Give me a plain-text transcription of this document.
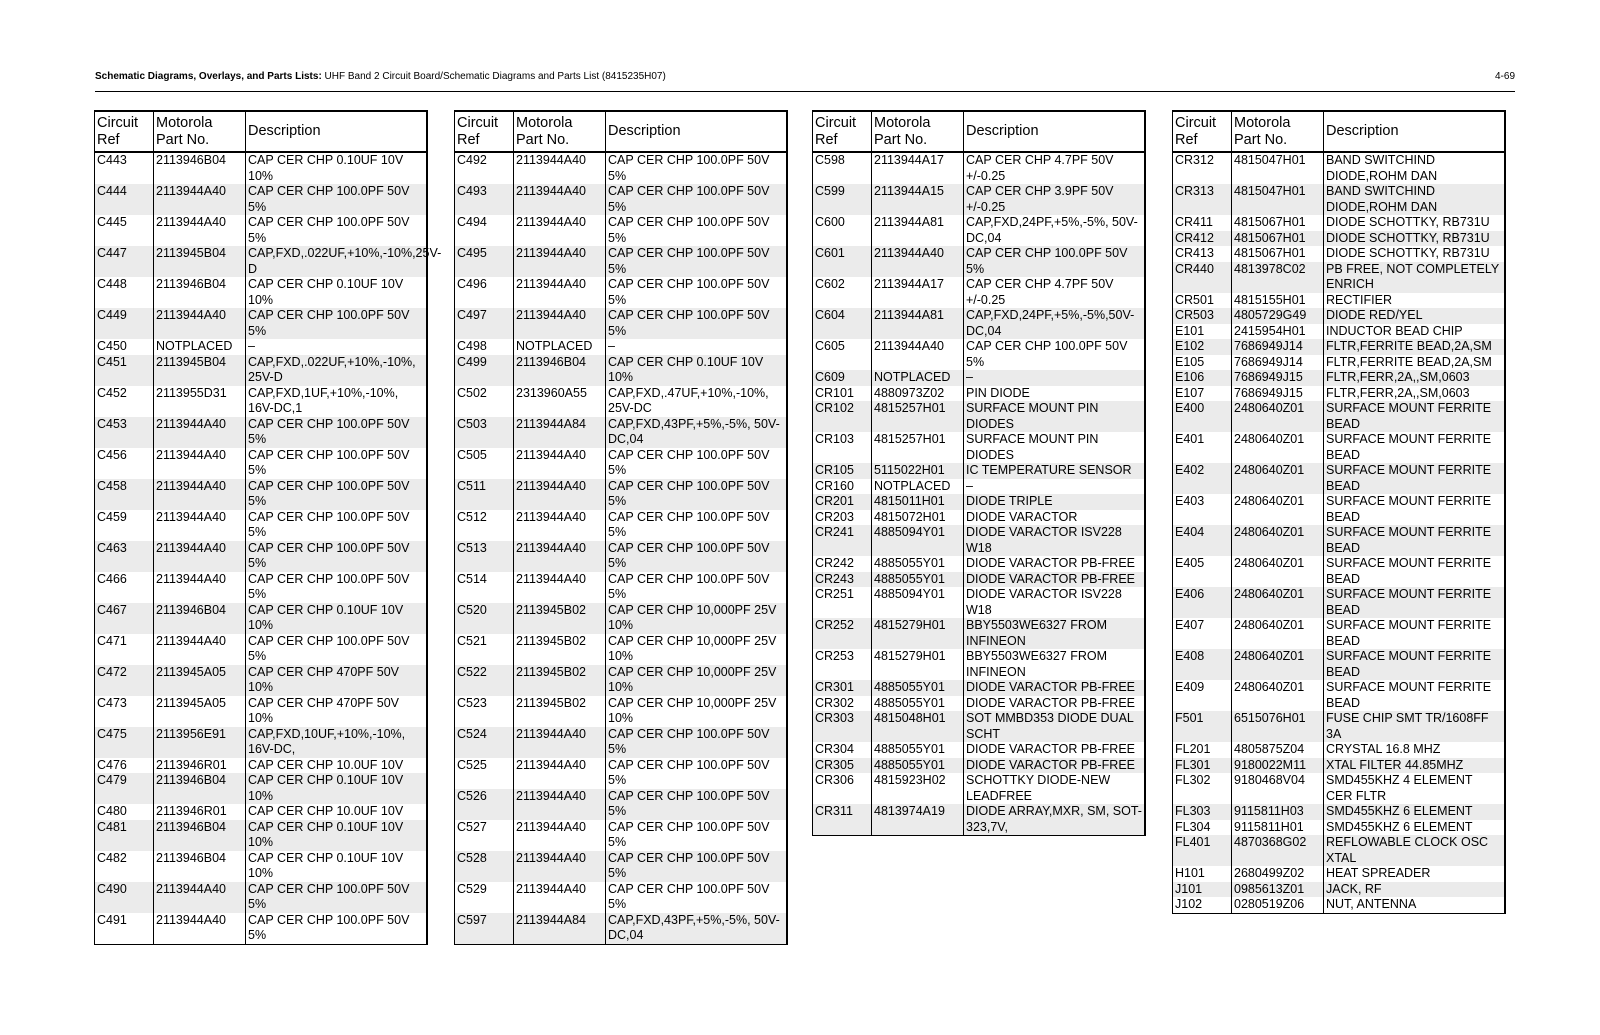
Schematic Diagrams, Overlays, and Parts Lists: UHF Band 2 Circuit Board/Schematic Diagrams and Parts List (8415235H07)	4-69
Circuit Ref	Motorola Part No.	Description
C443	2113946B04	CAP CER CHP 0.10UF 10V 10%
C444	2113944A40	CAP CER CHP 100.0PF 50V 5%
C445	2113944A40	CAP CER CHP 100.0PF 50V 5%
C447	2113945B04	CAP,FXD,.022UF,+10%,-10%,25V-D
C448	2113946B04	CAP CER CHP 0.10UF 10V 10%
C449	2113944A40	CAP CER CHP 100.0PF 50V 5%
C450	NOTPLACED	–
C451	2113945B04	CAP,FXD,.022UF,+10%,-10%, 25V-D
C452	2113955D31	CAP,FXD,1UF,+10%,-10%, 16V-DC,1
C453	2113944A40	CAP CER CHP 100.0PF 50V 5%
C456	2113944A40	CAP CER CHP 100.0PF 50V 5%
C458	2113944A40	CAP CER CHP 100.0PF 50V 5%
C459	2113944A40	CAP CER CHP 100.0PF 50V 5%
C463	2113944A40	CAP CER CHP 100.0PF 50V 5%
C466	2113944A40	CAP CER CHP 100.0PF 50V 5%
C467	2113946B04	CAP CER CHP 0.10UF 10V 10%
C471	2113944A40	CAP CER CHP 100.0PF 50V 5%
C472	2113945A05	CAP CER CHP 470PF 50V 10%
C473	2113945A05	CAP CER CHP 470PF 50V 10%
C475	2113956E91	CAP,FXD,10UF,+10%,-10%, 16V-DC,
C476	2113946R01	CAP CER CHP 10.0UF 10V
C479	2113946B04	CAP CER CHP 0.10UF 10V 10%
C480	2113946R01	CAP CER CHP 10.0UF 10V
C481	2113946B04	CAP CER CHP 0.10UF 10V 10%
C482	2113946B04	CAP CER CHP 0.10UF 10V 10%
C490	2113944A40	CAP CER CHP 100.0PF 50V 5%
C491	2113944A40	CAP CER CHP 100.0PF 50V 5%
Circuit Ref	Motorola Part No.	Description
C492	2113944A40	CAP CER CHP 100.0PF 50V 5%
C493	2113944A40	CAP CER CHP 100.0PF 50V 5%
C494	2113944A40	CAP CER CHP 100.0PF 50V 5%
C495	2113944A40	CAP CER CHP 100.0PF 50V 5%
C496	2113944A40	CAP CER CHP 100.0PF 50V 5%
C497	2113944A40	CAP CER CHP 100.0PF 50V 5%
C498	NOTPLACED	–
C499	2113946B04	CAP CER CHP 0.10UF 10V 10%
C502	2313960A55	CAP,FXD,.47UF,+10%,-10%, 25V-DC
C503	2113944A84	CAP,FXD,43PF,+5%,-5%, 50V-DC,04
C505	2113944A40	CAP CER CHP 100.0PF 50V 5%
C511	2113944A40	CAP CER CHP 100.0PF 50V 5%
C512	2113944A40	CAP CER CHP 100.0PF 50V 5%
C513	2113944A40	CAP CER CHP 100.0PF 50V 5%
C514	2113944A40	CAP CER CHP 100.0PF 50V 5%
C520	2113945B02	CAP CER CHP 10,000PF 25V 10%
C521	2113945B02	CAP CER CHP 10,000PF 25V 10%
C522	2113945B02	CAP CER CHP 10,000PF 25V 10%
C523	2113945B02	CAP CER CHP 10,000PF 25V 10%
C524	2113944A40	CAP CER CHP 100.0PF 50V 5%
C525	2113944A40	CAP CER CHP 100.0PF 50V 5%
C526	2113944A40	CAP CER CHP 100.0PF 50V 5%
C527	2113944A40	CAP CER CHP 100.0PF 50V 5%
C528	2113944A40	CAP CER CHP 100.0PF 50V 5%
C529	2113944A40	CAP CER CHP 100.0PF 50V 5%
C597	2113944A84	CAP,FXD,43PF,+5%,-5%, 50V-DC,04
Circuit Ref	Motorola Part No.	Description
C598	2113944A17	CAP CER CHP 4.7PF 50V +/-0.25
C599	2113944A15	CAP CER CHP 3.9PF 50V +/-0.25
C600	2113944A81	CAP,FXD,24PF,+5%,-5%, 50V-DC,04
C601	2113944A40	CAP CER CHP 100.0PF 50V 5%
C602	2113944A17	CAP CER CHP 4.7PF 50V +/-0.25
C604	2113944A81	CAP,FXD,24PF,+5%,-5%,50V-DC,04
C605	2113944A40	CAP CER CHP 100.0PF 50V 5%
C609	NOTPLACED	–
CR101	4880973Z02	PIN DIODE
CR102	4815257H01	SURFACE MOUNT PIN DIODES
CR103	4815257H01	SURFACE MOUNT PIN DIODES
CR105	5115022H01	IC TEMPERATURE SENSOR
CR160	NOTPLACED	–
CR201	4815011H01	DIODE TRIPLE
CR203	4815072H01	DIODE VARACTOR
CR241	4885094Y01	DIODE VARACTOR ISV228 W18
CR242	4885055Y01	DIODE VARACTOR PB-FREE
CR243	4885055Y01	DIODE VARACTOR PB-FREE
CR251	4885094Y01	DIODE VARACTOR ISV228 W18
CR252	4815279H01	BBY5503WE6327 FROM INFINEON
CR253	4815279H01	BBY5503WE6327 FROM INFINEON
CR301	4885055Y01	DIODE VARACTOR PB-FREE
CR302	4885055Y01	DIODE VARACTOR PB-FREE
CR303	4815048H01	SOT MMBD353 DIODE DUAL SCHT
CR304	4885055Y01	DIODE VARACTOR PB-FREE
CR305	4885055Y01	DIODE VARACTOR PB-FREE
CR306	4815923H02	SCHOTTKY DIODE-NEW LEADFREE
CR311	4813974A19	DIODE ARRAY,MXR, SM, SOT-323,7V,
Circuit Ref	Motorola Part No.	Description
CR312	4815047H01	BAND SWITCHIND DIODE,ROHM DAN
CR313	4815047H01	BAND SWITCHIND DIODE,ROHM DAN
CR411	4815067H01	DIODE SCHOTTKY, RB731U
CR412	4815067H01	DIODE SCHOTTKY, RB731U
CR413	4815067H01	DIODE SCHOTTKY, RB731U
CR440	4813978C02	PB FREE, NOT COMPLETELY ENRICH
CR501	4815155H01	RECTIFIER
CR503	4805729G49	DIODE RED/YEL
E101	2415954H01	INDUCTOR BEAD CHIP
E102	7686949J14	FLTR,FERRITE BEAD,2A,SM
E105	7686949J14	FLTR,FERRITE BEAD,2A,SM
E106	7686949J15	FLTR,FERR,2A,,SM,0603
E107	7686949J15	FLTR,FERR,2A,,SM,0603
E400	2480640Z01	SURFACE MOUNT FERRITE BEAD
E401	2480640Z01	SURFACE MOUNT FERRITE BEAD
E402	2480640Z01	SURFACE MOUNT FERRITE BEAD
E403	2480640Z01	SURFACE MOUNT FERRITE BEAD
E404	2480640Z01	SURFACE MOUNT FERRITE BEAD
E405	2480640Z01	SURFACE MOUNT FERRITE BEAD
E406	2480640Z01	SURFACE MOUNT FERRITE BEAD
E407	2480640Z01	SURFACE MOUNT FERRITE BEAD
E408	2480640Z01	SURFACE MOUNT FERRITE BEAD
E409	2480640Z01	SURFACE MOUNT FERRITE BEAD
F501	6515076H01	FUSE CHIP SMT TR/1608FF 3A
FL201	4805875Z04	CRYSTAL 16.8 MHZ
FL301	9180022M11	XTAL FILTER 44.85MHZ
FL302	9180468V04	SMD455KHZ 4 ELEMENT CER FLTR
FL303	9115811H03	SMD455KHZ 6 ELEMENT
FL304	9115811H01	SMD455KHZ 6 ELEMENT
FL401	4870368G02	REFLOWABLE CLOCK OSC XTAL
H101	2680499Z02	HEAT SPREADER
J101	0985613Z01	JACK, RF
J102	0280519Z06	NUT, ANTENNA
